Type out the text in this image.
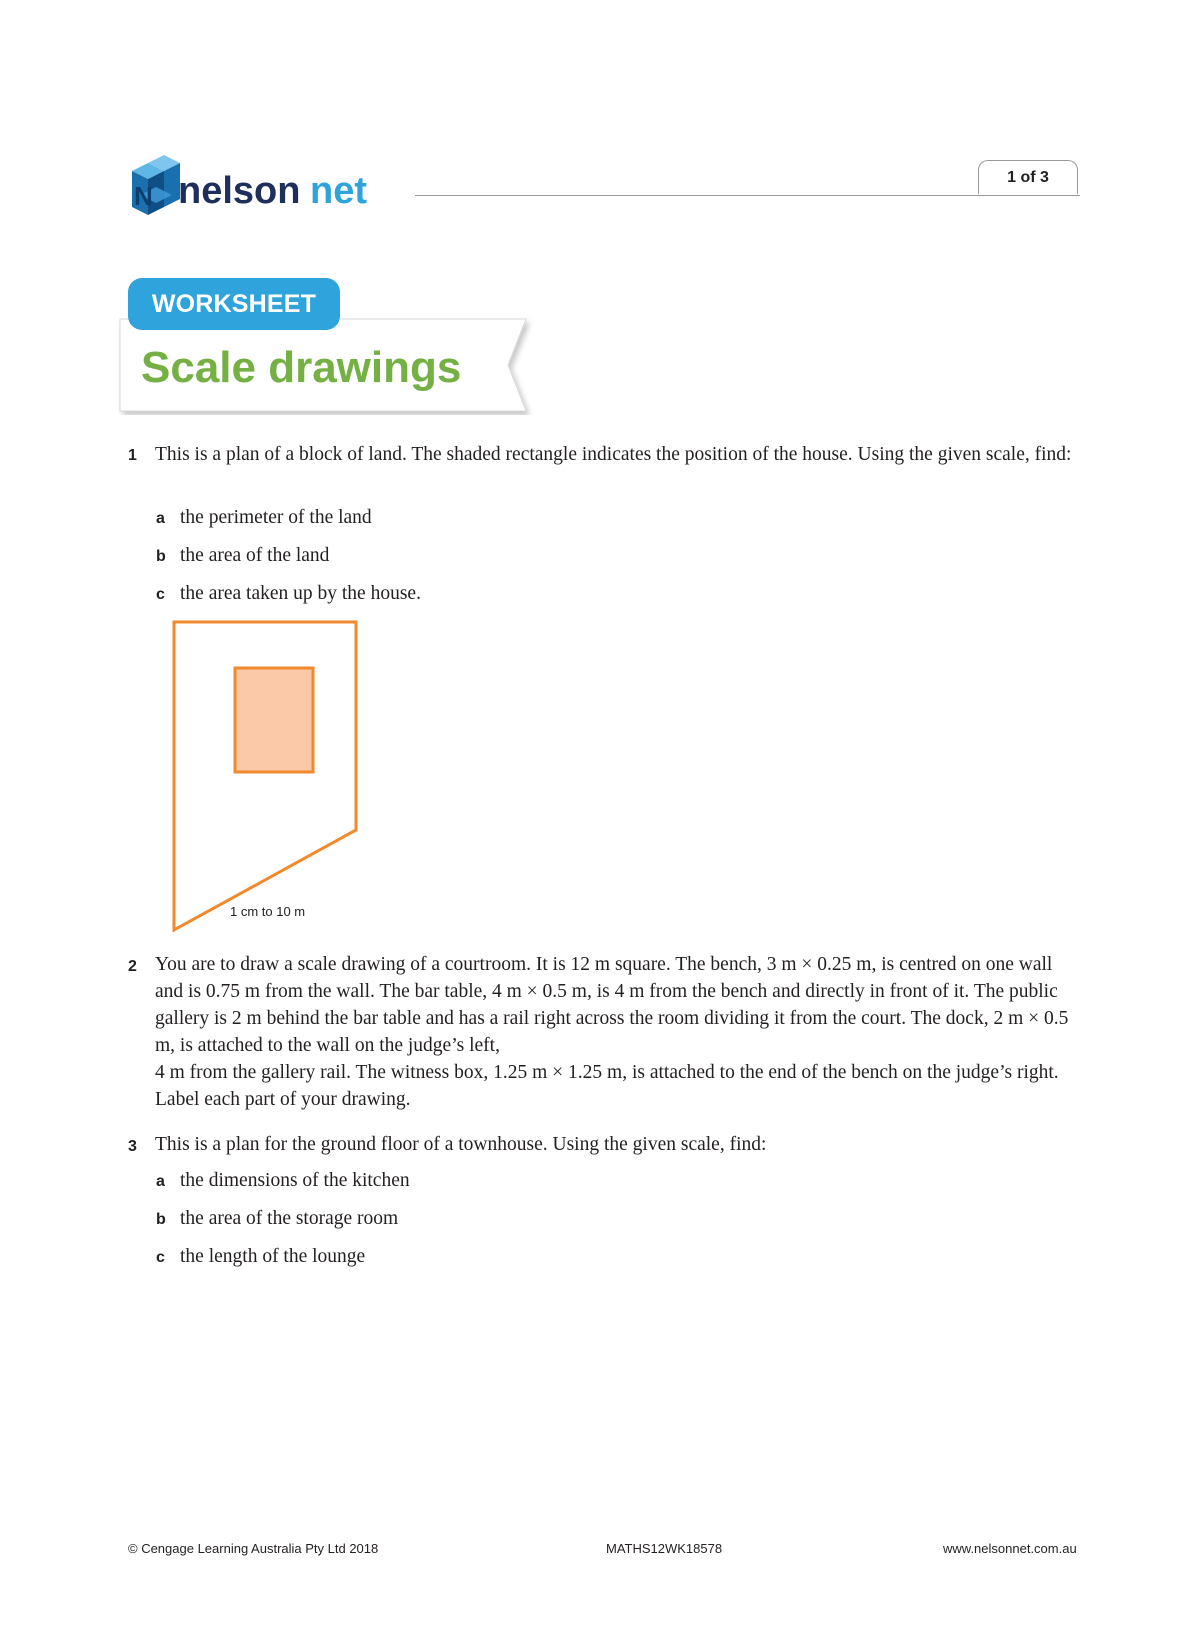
N nelson net	1 of 3
WORKSHEET
Scale drawings
1 This is a plan of a block of land. The shaded rectangle indicates the position of the house. Using the given scale, find:
a the perimeter of the land
b the area of the land
c the area taken up by the house.
1 cm to 10 m
2 You are to draw a scale drawing of a courtroom. It is 12 m square. The bench, 3 m × 0.25 m, is centred on one wall and is 0.75 m from the wall. The bar table, 4 m × 0.5 m, is 4 m from the bench and directly in front of it. The public gallery is 2 m behind the bar table and has a rail right across the room dividing it from the court. The dock, 2 m × 0.5 m, is attached to the wall on the judge’s left,
4 m from the gallery rail. The witness box, 1.25 m × 1.25 m, is attached to the end of the bench on the judge’s right. Label each part of your drawing.
3 This is a plan for the ground floor of a townhouse. Using the given scale, find:
a the dimensions of the kitchen
b the area of the storage room
c the length of the lounge
© Cengage Learning Australia Pty Ltd 2018	MATHS12WK18578	www.nelsonnet.com.au
